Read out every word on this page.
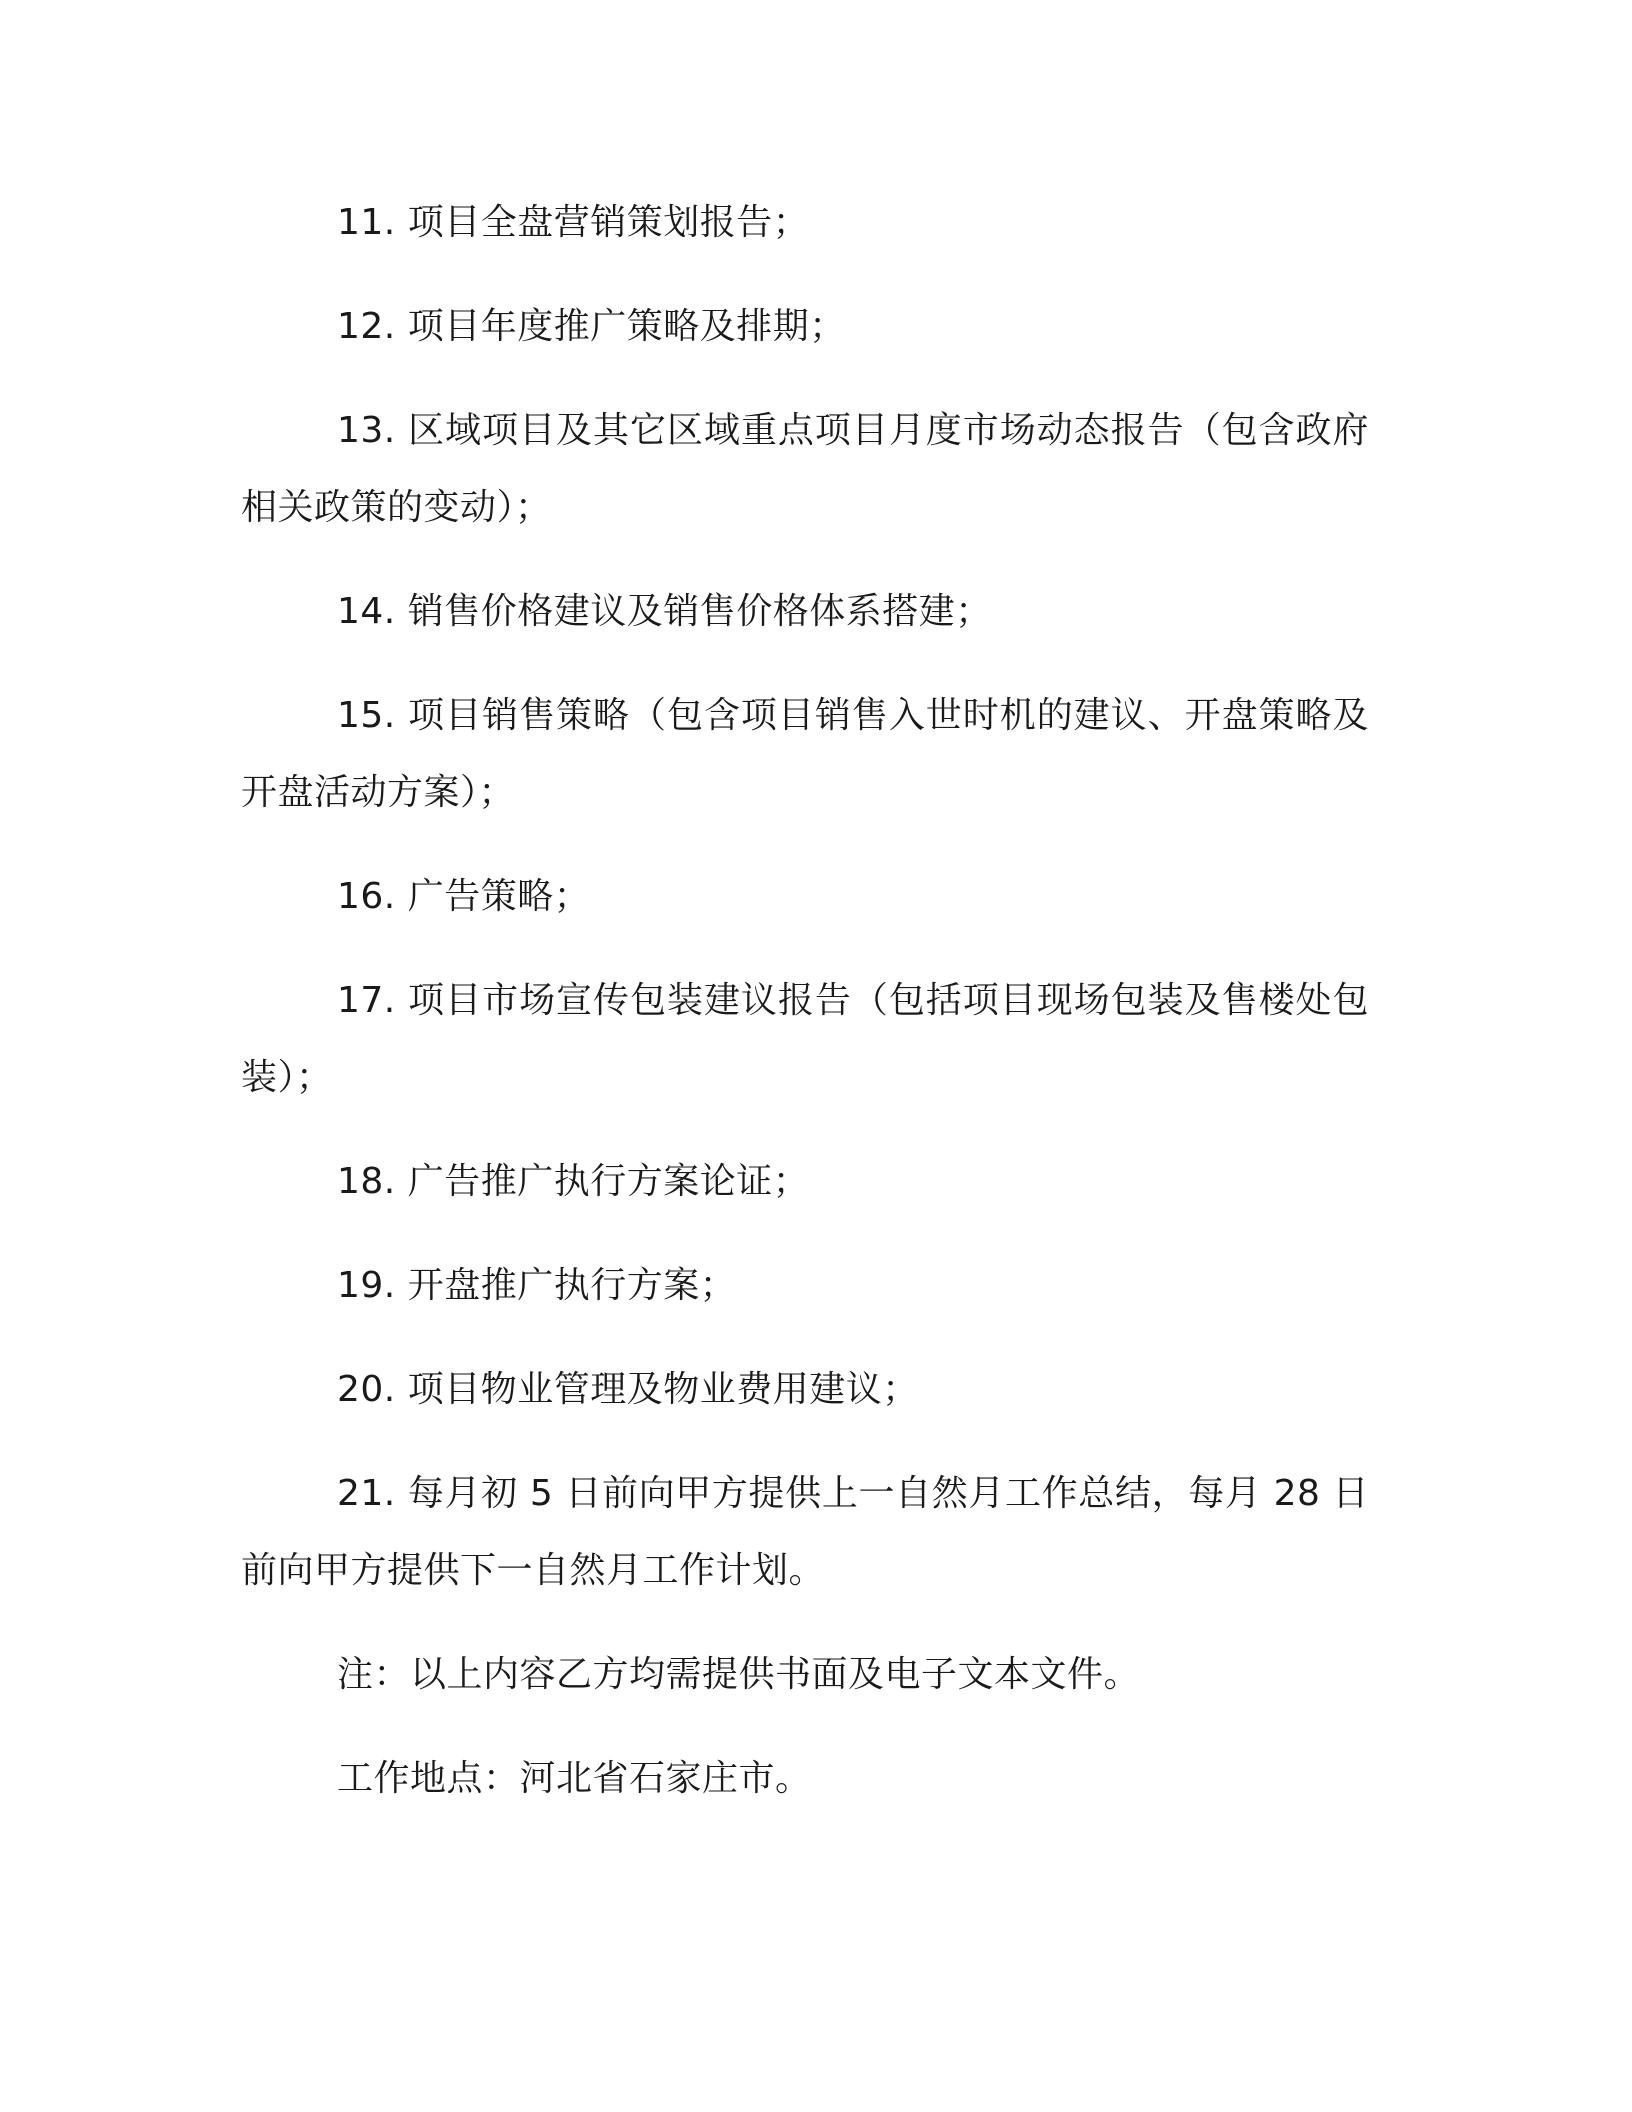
11. 项目全盘营销策划报告；

12. 项目年度推广策略及排期；

13. 区域项目及其它区域重点项目月度市场动态报告（包含政府相关政策的变动）；

14. 销售价格建议及销售价格体系搭建；

15. 项目销售策略（包含项目销售入世时机的建议、开盘策略及开盘活动方案）；

16. 广告策略；

17. 项目市场宣传包装建议报告（包括项目现场包装及售楼处包装）；

18. 广告推广执行方案论证；

19. 开盘推广执行方案；

20. 项目物业管理及物业费用建议；

21. 每月初 5 日前向甲方提供上一自然月工作总结，每月 28 日前向甲方提供下一自然月工作计划。

注：以上内容乙方均需提供书面及电子文本文件。

工作地点：河北省石家庄市。
